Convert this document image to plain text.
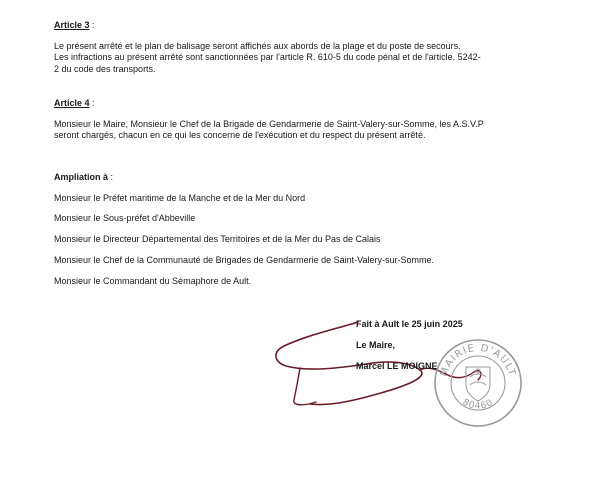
Article 3 :
Le présent arrêté et le plan de balisage seront affichés aux abords de la plage et du poste de secours.
Les infractions au présent arrêté sont sanctionnées par l'article R. 610-5 du code pénal et de l'article. 5242-
2 du code des transports.
Article 4 :
Monsieur le Maire, Monsieur le Chef de la Brigade de Gendarmerie de Saint-Valery-sur-Somme, les A.S.V.P
seront chargés, chacun en ce qui les concerne de l'exécution et du respect du présent arrêté.
Ampliation à :
Monsieur le Préfet maritime de la Manche et de la Mer du Nord
Monsieur le Sous-préfet d'Abbeville
Monsieur le Directeur Départemental des Territoires et de la Mer du Pas de Calais
Monsieur le Chef de la Communauté de Brigades de Gendarmerie de Saint-Valery-sur-Somme.
Monsieur le Commandant du Sémaphore de Ault.
Fait à Ault le 25 juin 2025
Le Maire,
Marcel LE MOIGNE MAIRIE D'AULT
80460
